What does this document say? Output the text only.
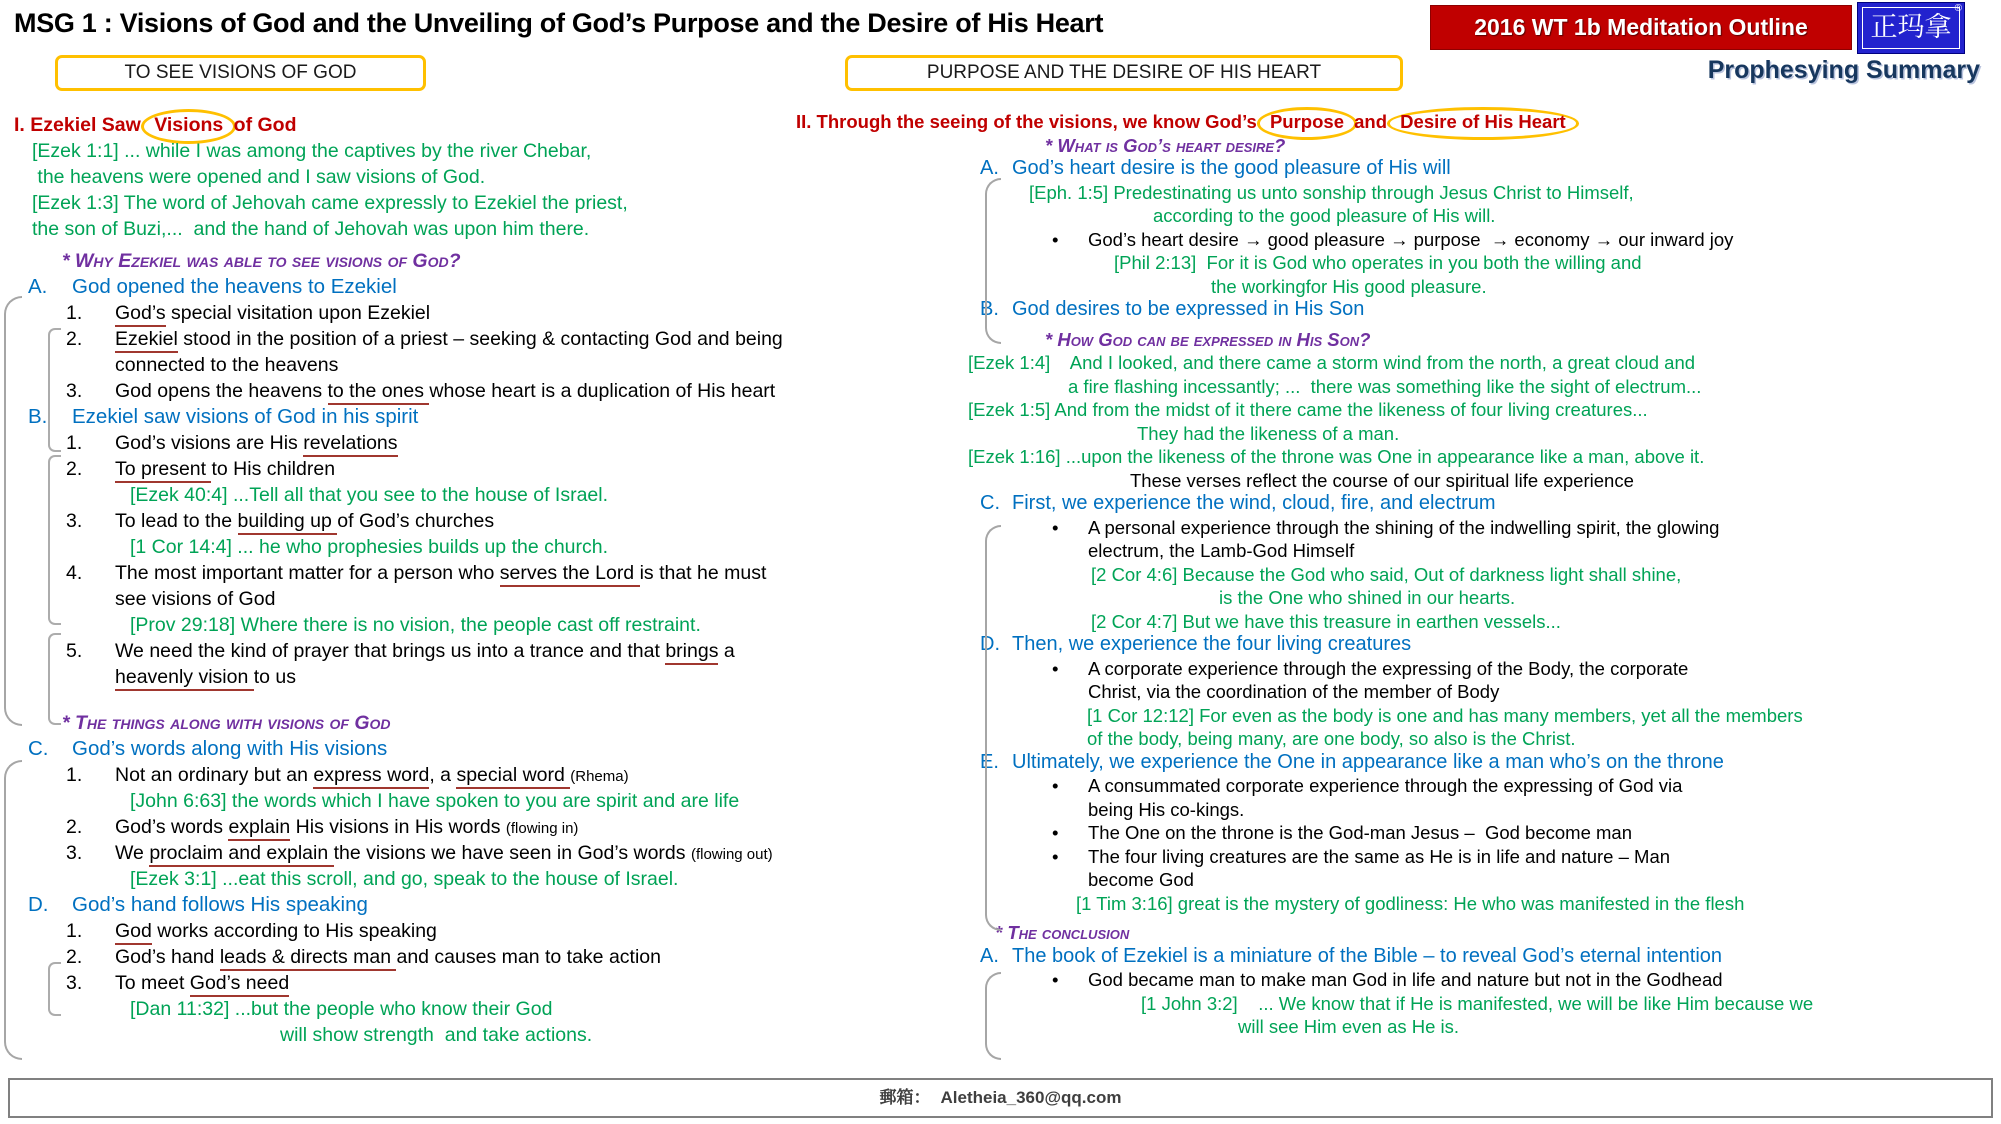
MSG 1 : Visions of God and the Unveiling of God’s Purpose and the Desire of His Heart	2016 WT 1b Meditation Outline	正玛拿
®
Prophesying Summary
TO SEE VISIONS OF GOD	PURPOSE AND THE DESIRE OF HIS HEART
I. Ezekiel Saw Visions of God
[Ezek 1:1] ... while I was among the captives by the river Chebar,
the heavens were opened and I saw visions of God.
[Ezek 1:3] The word of Jehovah came expressly to Ezekiel the priest,
the son of Buzi,...  and the hand of Jehovah was upon him there.
* Why Ezekiel was able to see visions of God?
A. God opened the heavens to Ezekiel
1. God’s special visitation upon Ezekiel
2. Ezekiel stood in the position of a priest – seeking & contacting God and being
connected to the heavens
3. God opens the heavens to the ones whose heart is a duplication of His heart
B. Ezekiel saw visions of God in his spirit
1. God’s visions are His revelations
2. To present to His children
[Ezek 40:4] ...Tell all that you see to the house of Israel.
3. To lead to the building up of God’s churches
[1 Cor 14:4] ... he who prophesies builds up the church.
4. The most important matter for a person who serves the Lord is that he must
see visions of God
[Prov 29:18] Where there is no vision, the people cast off restraint.
5. We need the kind of prayer that brings us into a trance and that brings a
heavenly vision to us
* The things along with visions of God
C. God’s words along with His visions
1. Not an ordinary but an express word, a special word (Rhema)
[John 6:63] the words which I have spoken to you are spirit and are life
2. God’s words explain His visions in His words (flowing in)
3. We proclaim and explain the visions we have seen in God’s words (flowing out)
[Ezek 3:1] ...eat this scroll, and go, speak to the house of Israel.
D. God’s hand follows His speaking
1. God works according to His speaking
2. God’s hand leads & directs man and causes man to take action
3. To meet God’s need
[Dan 11:32] ...but the people who know their God
will show strength  and take actions.
II. Through the seeing of the visions, we know God’s Purpose and Desire of His Heart
* What is God’s heart desire?
A. God’s heart desire is the good pleasure of His will
[Eph. 1:5] Predestinating us unto sonship through Jesus Christ to Himself,
according to the good pleasure of His will.
• God’s heart desire → good pleasure → purpose  → economy → our inward joy
[Phil 2:13]  For it is God who operates in you both the willing and
the workingfor His good pleasure.
B. God desires to be expressed in His Son
* How God can be expressed in His Son?
[Ezek 1:4]    And I looked, and there came a storm wind from the north, a great cloud and
a fire flashing incessantly; ...  there was something like the sight of electrum...
[Ezek 1:5] And from the midst of it there came the likeness of four living creatures...
They had the likeness of a man.
[Ezek 1:16] ...upon the likeness of the throne was One in appearance like a man, above it.
These verses reflect the course of our spiritual life experience
C. First, we experience the wind, cloud, fire, and electrum
• A personal experience through the shining of the indwelling spirit, the glowing
electrum, the Lamb-God Himself
[2 Cor 4:6] Because the God who said, Out of darkness light shall shine,
is the One who shined in our hearts.
[2 Cor 4:7] But we have this treasure in earthen vessels...
D. Then, we experience the four living creatures
• A corporate experience through the expressing of the Body, the corporate
Christ, via the coordination of the member of Body
[1 Cor 12:12] For even as the body is one and has many members, yet all the members
of the body, being many, are one body, so also is the Christ.
E. Ultimately, we experience the One in appearance like a man who’s on the throne
• A consummated corporate experience through the expressing of God via
being His co-kings.
• The One on the throne is the God-man Jesus –  God become man
• The four living creatures are the same as He is in life and nature – Man
become God
[1 Tim 3:16] great is the mystery of godliness: He who was manifested in the flesh
* The conclusion
A. The book of Ezekiel is a miniature of the Bible – to reveal God’s eternal intention
• God became man to make man God in life and nature but not in the Godhead
[1 John 3:2]    ... We know that if He is manifested, we will be like Him because we
will see Him even as He is.
郵箱： Aletheia_360@qq.com
